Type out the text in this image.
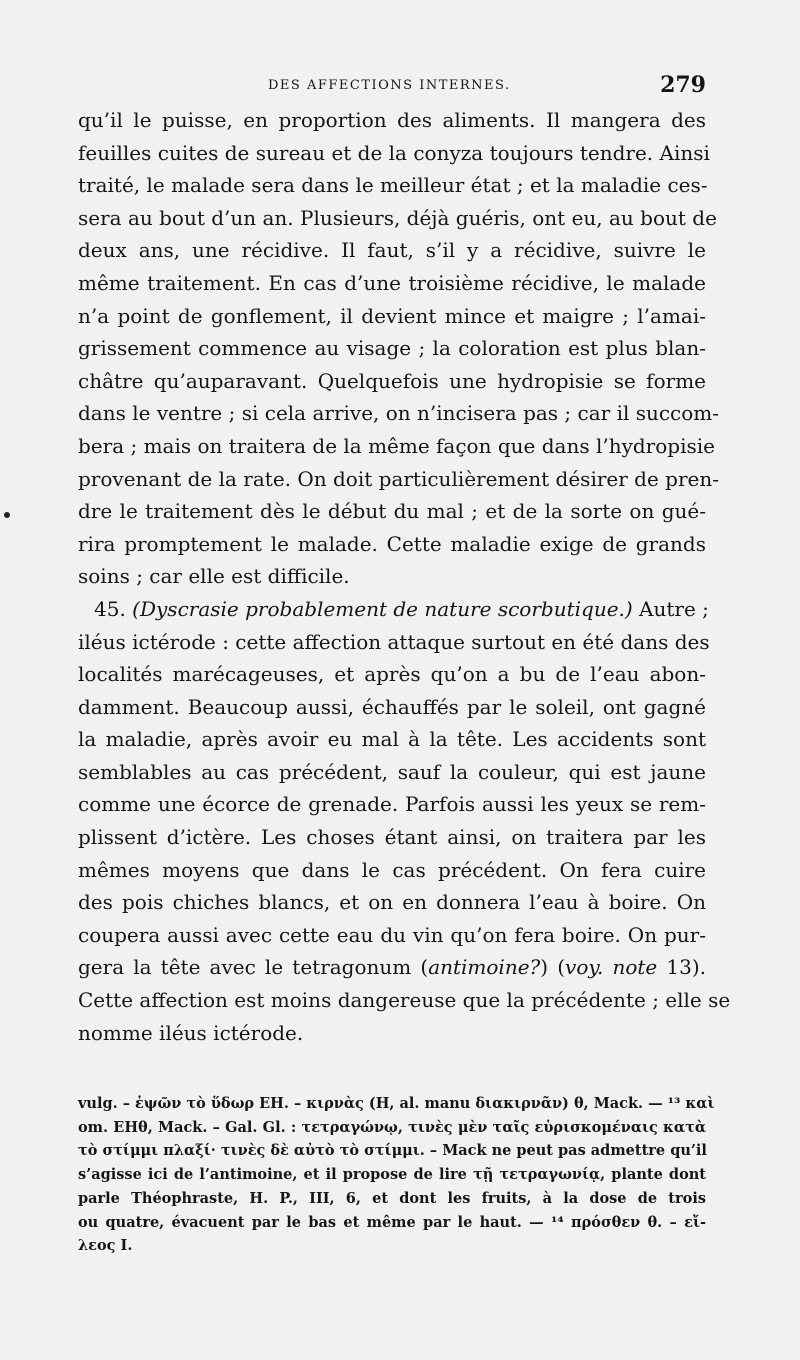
DES AFFECTIONS INTERNES.	279
qu’il le puisse, en proportion des aliments. Il mangera des
feuilles cuites de sureau et de la conyza toujours tendre. Ainsi
traité, le malade sera dans le meilleur état ; et la maladie ces-
sera au bout d’un an. Plusieurs, déjà guéris, ont eu, au bout de
deux ans, une récidive. Il faut, s’il y a récidive, suivre le
même traitement. En cas d’une troisième récidive, le malade
n’a point de gonflement, il devient mince et maigre ; l’amai-
grissement commence au visage ; la coloration est plus blan-
châtre qu’auparavant. Quelquefois une hydropisie se forme
dans le ventre ; si cela arrive, on n’incisera pas ; car il succom-
bera ; mais on traitera de la même façon que dans l’hydropisie
provenant de la rate. On doit particulièrement désirer de pren-
dre le traitement dès le début du mal ; et de la sorte on gué-
rira promptement le malade. Cette maladie exige de grands
soins ; car elle est difficile.
45. (Dyscrasie probablement de nature scorbutique.) Autre ;
iléus ictérode : cette affection attaque surtout en été dans des
localités marécageuses, et après qu’on a bu de l’eau abon-
damment. Beaucoup aussi, échauffés par le soleil, ont gagné
la maladie, après avoir eu mal à la tête. Les accidents sont
semblables au cas précédent, sauf la couleur, qui est jaune
comme une écorce de grenade. Parfois aussi les yeux se rem-
plissent d’ictère. Les choses étant ainsi, on traitera par les
mêmes moyens que dans le cas précédent. On fera cuire
des pois chiches blancs, et on en donnera l’eau à boire. On
coupera aussi avec cette eau du vin qu’on fera boire. On pur-
gera la tête avec le tetragonum (antimoine?) (voy. note 13).
Cette affection est moins dangereuse que la précédente ; elle se
nomme iléus ictérode.
vulg. – ἑψῶν τὸ ὕδωρ EH. – κιρνὰς (H, al. manu διακιρνᾶν) θ, Mack. — ¹³ καὶ
om. EHθ, Mack. – Gal. Gl. : τετραγώνῳ, τινὲς μὲν ταῖς εὑρισκομέναις κατὰ
τὸ στίμμι πλαξί· τινὲς δὲ αὐτὸ τὸ στίμμι. – Mack ne peut pas admettre qu’il
s’agisse ici de l’antimoine, et il propose de lire τῇ τετραγωνίᾳ, plante dont
parle Théophraste, H. P., III, 6, et dont les fruits, à la dose de trois
ou quatre, évacuent par le bas et même par le haut. — ¹⁴ πρόσθεν θ. – εἴ-
λεος I.
